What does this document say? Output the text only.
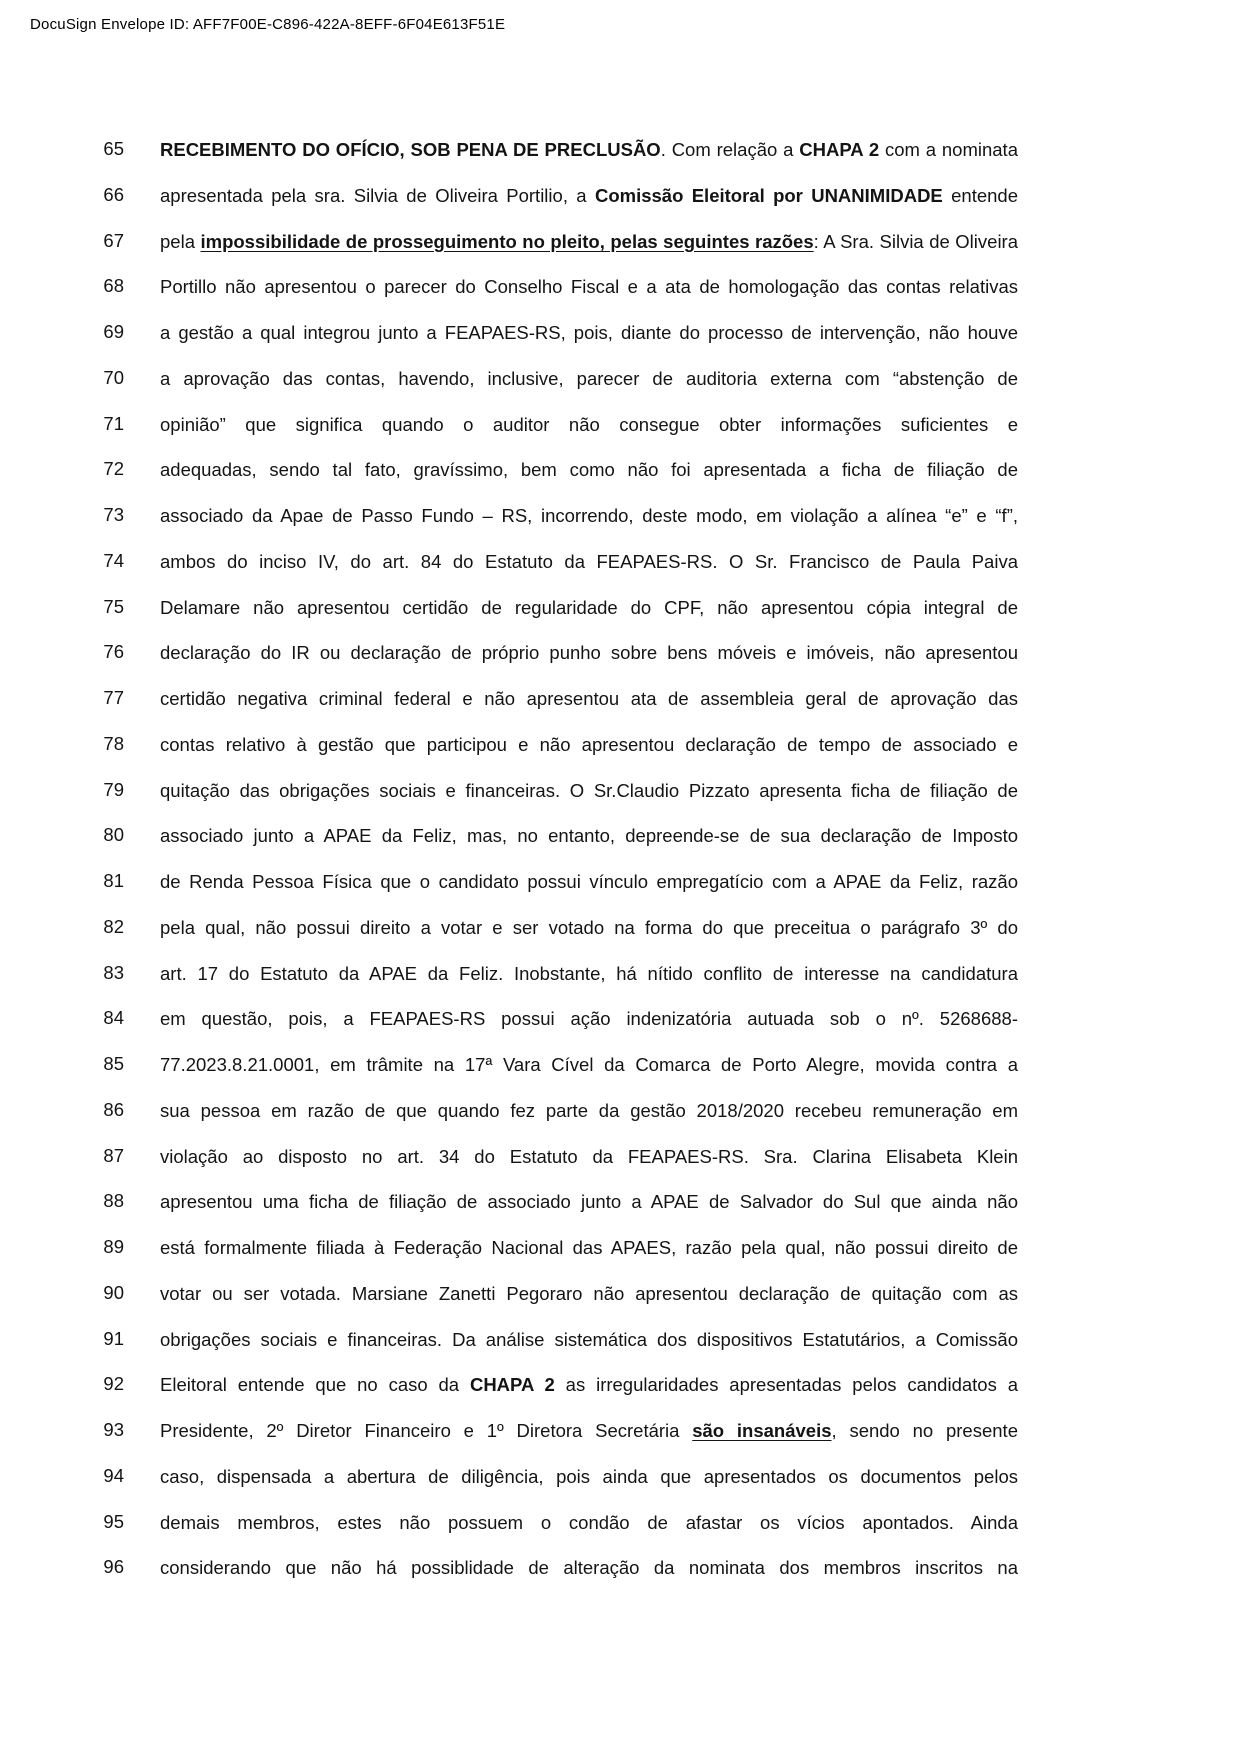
DocuSign Envelope ID: AFF7F00E-C896-422A-8EFF-6F04E613F51E
65 RECEBIMENTO DO OFÍCIO, SOB PENA DE PRECLUSÃO. Com relação a CHAPA 2 com a nominata
66 apresentada pela sra. Silvia de Oliveira Portilio, a Comissão Eleitoral por UNANIMIDADE entende
67 pela impossibilidade de prosseguimento no pleito, pelas seguintes razões: A Sra. Silvia de Oliveira
68 Portillo não apresentou o parecer do Conselho Fiscal e a ata de homologação das contas relativas
69 a gestão a qual integrou junto a FEAPAES-RS, pois, diante do processo de intervenção, não houve
70 a aprovação das contas, havendo, inclusive, parecer de auditoria externa com “abstenção de
71 opinião” que significa quando o auditor não consegue obter informações suficientes e
72 adequadas, sendo tal fato, gravíssimo, bem como não foi apresentada a ficha de filiação de
73 associado da Apae de Passo Fundo – RS, incorrendo, deste modo, em violação a alínea “e” e “f”,
74 ambos do inciso IV, do art. 84 do Estatuto da FEAPAES-RS. O Sr. Francisco de Paula Paiva
75 Delamare não apresentou certidão de regularidade do CPF, não apresentou cópia integral de
76 declaração do IR ou declaração de próprio punho sobre bens móveis e imóveis, não apresentou
77 certidão negativa criminal federal e não apresentou ata de assembleia geral de aprovação das
78 contas relativo à gestão que participou e não apresentou declaração de tempo de associado e
79 quitação das obrigações sociais e financeiras. O Sr.Claudio Pizzato apresenta ficha de filiação de
80 associado junto a APAE da Feliz, mas, no entanto, depreende-se de sua declaração de Imposto
81 de Renda Pessoa Física que o candidato possui vínculo empregatício com a APAE da Feliz, razão
82 pela qual, não possui direito a votar e ser votado na forma do que preceitua o parágrafo 3º do
83 art. 17 do Estatuto da APAE da Feliz. Inobstante, há nítido conflito de interesse na candidatura
84 em questão, pois, a FEAPAES-RS possui ação indenizatória autuada sob o nº. 5268688-
85 77.2023.8.21.0001, em trâmite na 17ª Vara Cível da Comarca de Porto Alegre, movida contra a
86 sua pessoa em razão de que quando fez parte da gestão 2018/2020 recebeu remuneração em
87 violação ao disposto no art. 34 do Estatuto da FEAPAES-RS. Sra. Clarina Elisabeta Klein
88 apresentou uma ficha de filiação de associado junto a APAE de Salvador do Sul que ainda não
89 está formalmente filiada à Federação Nacional das APAES, razão pela qual, não possui direito de
90 votar ou ser votada. Marsiane Zanetti Pegoraro não apresentou declaração de quitação com as
91 obrigações sociais e financeiras. Da análise sistemática dos dispositivos Estatutários, a Comissão
92 Eleitoral entende que no caso da CHAPA 2 as irregularidades apresentadas pelos candidatos a
93 Presidente, 2º Diretor Financeiro e 1º Diretora Secretária são insanáveis, sendo no presente
94 caso, dispensada a abertura de diligência, pois ainda que apresentados os documentos pelos
95 demais membros, estes não possuem o condão de afastar os vícios apontados. Ainda
96 considerando que não há possiblidade de alteração da nominata dos membros inscritos na
